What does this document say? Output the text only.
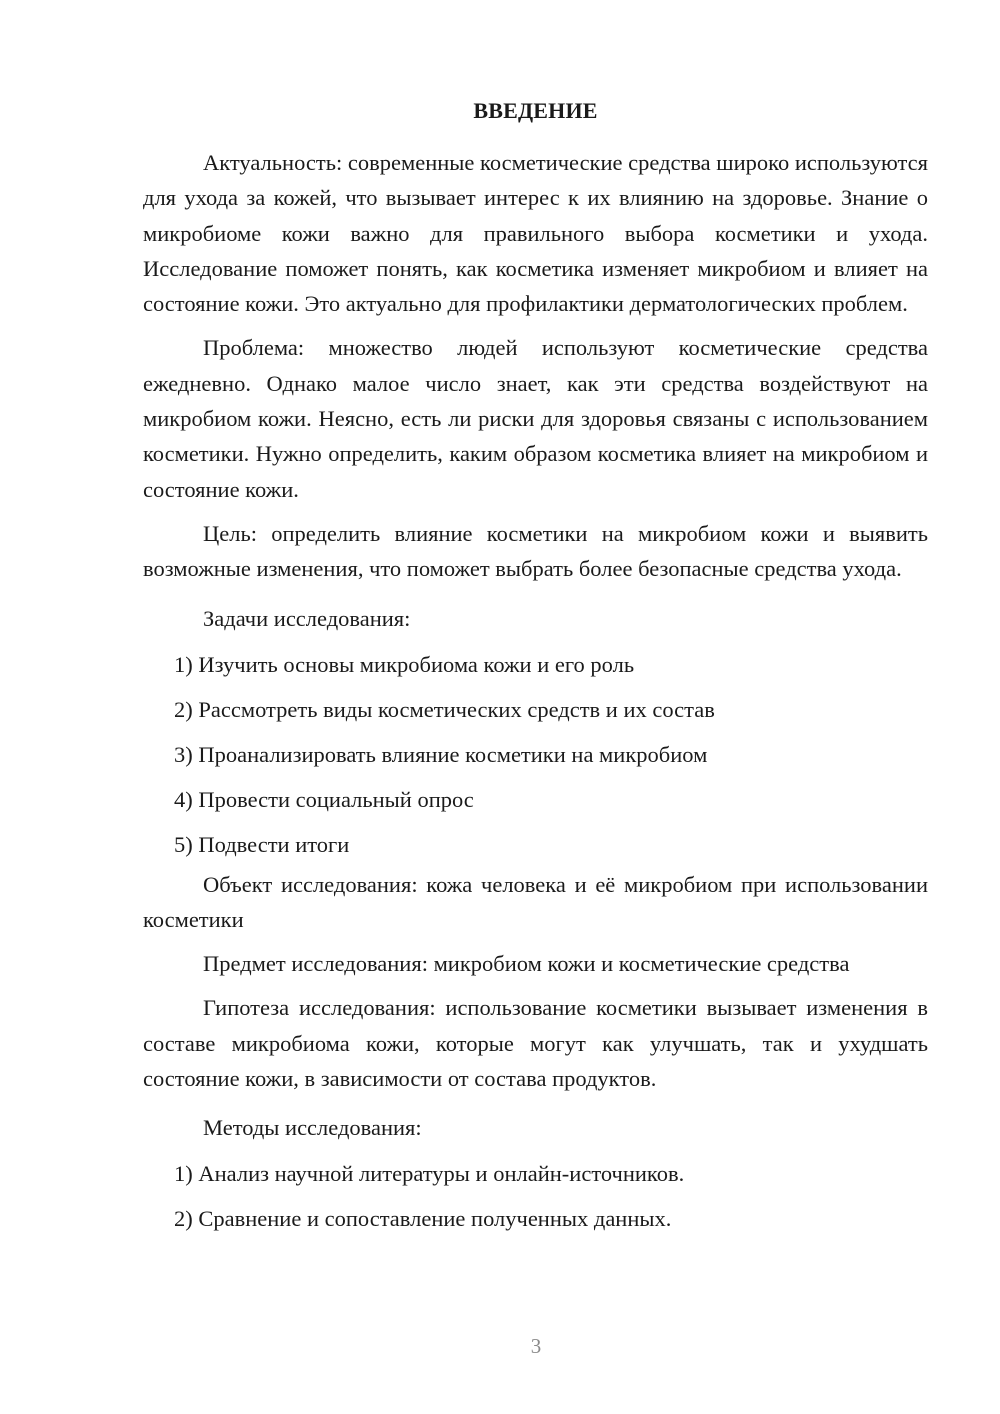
ВВЕДЕНИЕ

Актуальность: современные косметические средства широко используются для ухода за кожей, что вызывает интерес к их влиянию на здоровье. Знание о микробиоме кожи важно для правильного выбора косметики и ухода. Исследование поможет понять, как косметика изменяет микробиом и влияет на состояние кожи. Это актуально для профилактики дерматологических проблем.

Проблема: множество людей используют косметические средства ежедневно. Однако малое число знает, как эти средства воздействуют на микробиом кожи. Неясно, есть ли риски для здоровья связаны с использованием косметики. Нужно определить, каким образом косметика влияет на микробиом и состояние кожи.

Цель: определить влияние косметики на микробиом кожи и выявить возможные изменения, что поможет выбрать более безопасные средства ухода.

Задачи исследования:
1) Изучить основы микробиома кожи и его роль
2) Рассмотреть виды косметических средств и их состав
3) Проанализировать влияние косметики на микробиом
4) Провести социальный опрос
5) Подвести итоги

Объект исследования: кожа человека и её микробиом при использовании косметики

Предмет исследования: микробиом кожи и косметические средства

Гипотеза исследования: использование косметики вызывает изменения в составе микробиома кожи, которые могут как улучшать, так и ухудшать состояние кожи, в зависимости от состава продуктов.

Методы исследования:
1) Анализ научной литературы и онлайн-источников.
2) Сравнение и сопоставление полученных данных.
3
